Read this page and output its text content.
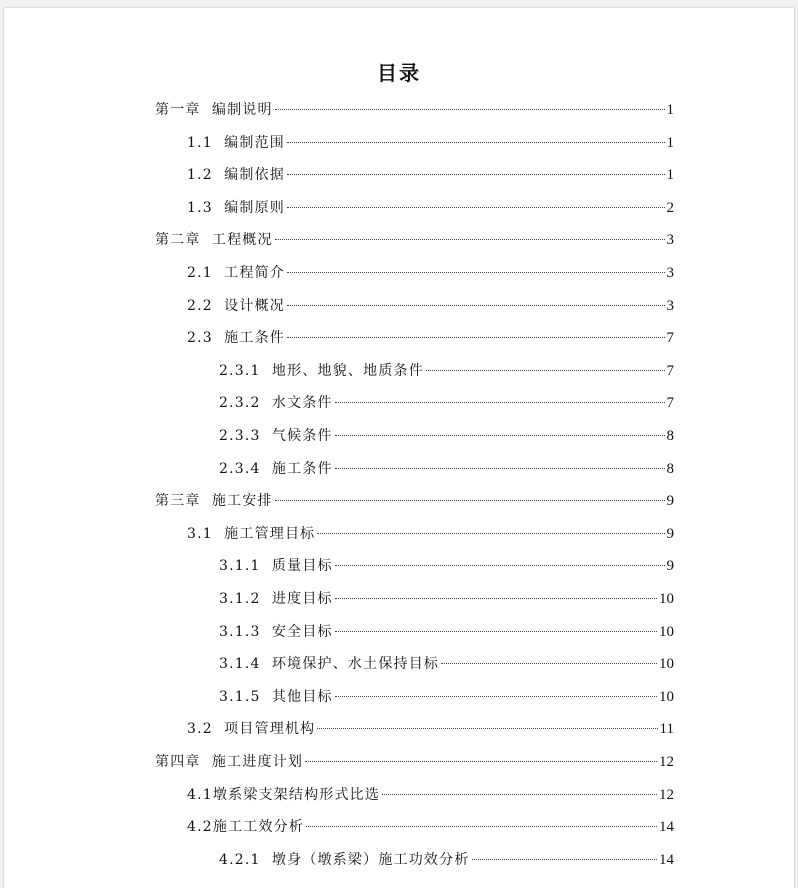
目录
第一章  编制说明	1
1.1  编制范围	1
1.2  编制依据	1
1.3  编制原则	2
第二章  工程概况	3
2.1  工程简介	3
2.2  设计概况	3
2.3  施工条件	7
2.3.1  地形、地貌、地质条件	7
2.3.2  水文条件	7
2.3.3  气候条件	8
2.3.4  施工条件	8
第三章  施工安排	9
3.1  施工管理目标	9
3.1.1  质量目标	9
3.1.2  进度目标	10
3.1.3  安全目标	10
3.1.4  环境保护、水土保持目标	10
3.1.5  其他目标	10
3.2  项目管理机构	11
第四章  施工进度计划	12
4.1墩系梁支架结构形式比选	12
4.2施工工效分析	14
4.2.1  墩身（墩系梁）施工功效分析	14
